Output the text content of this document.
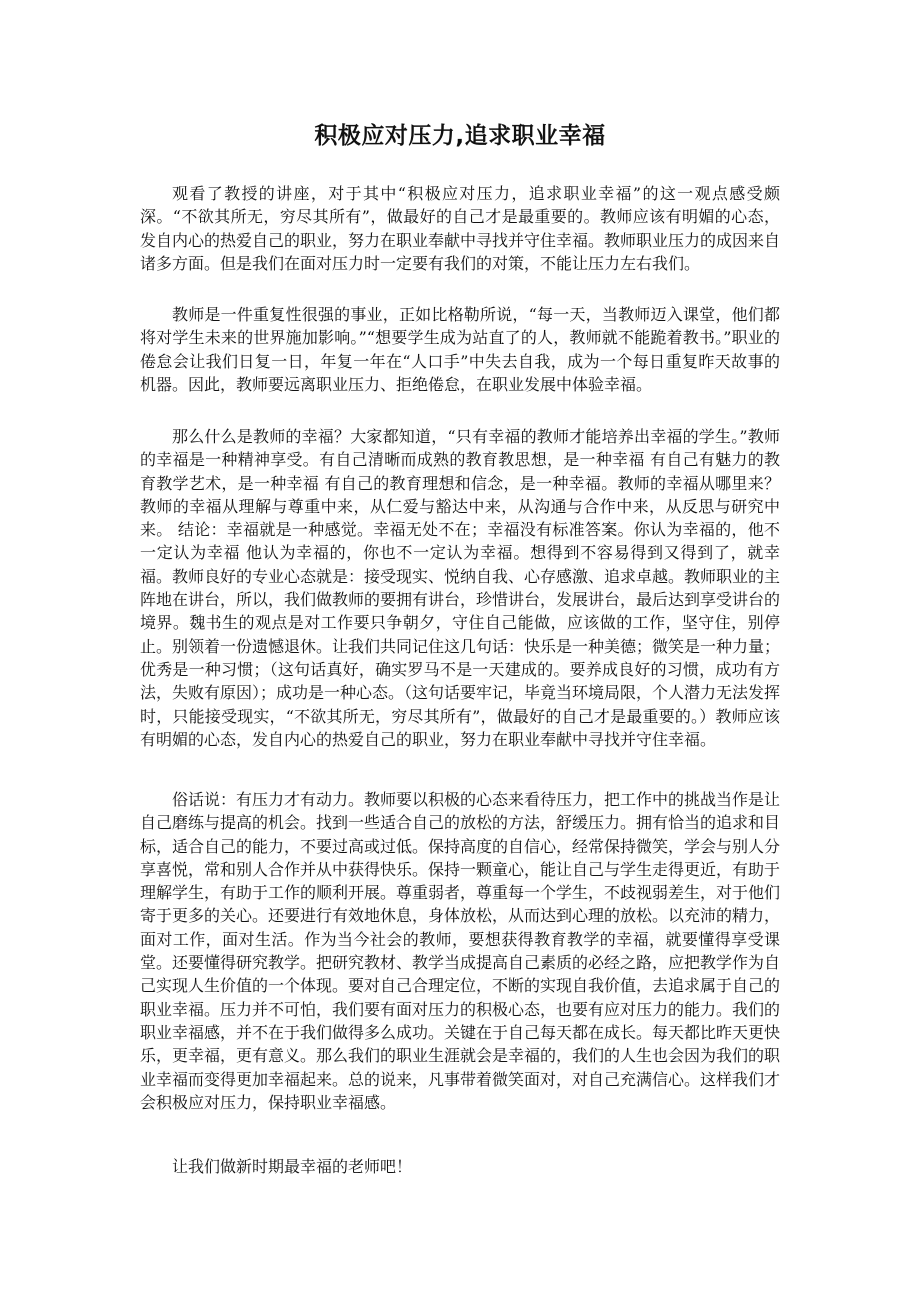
积极应对压力,追求职业幸福

观看了教授的讲座，对于其中“积极应对压力，追求职业幸福”的这一观点感受颇深。“不欲其所无，穷尽其所有”，做最好的自己才是最重要的。教师应该有明媚的心态，发自内心的热爱自己的职业，努力在职业奉献中寻找并守住幸福。教师职业压力的成因来自诸多方面。但是我们在面对压力时一定要有我们的对策，不能让压力左右我们。

教师是一件重复性很强的事业，正如比格勒所说，“每一天，当教师迈入课堂，他们都将对学生未来的世界施加影响。”“想要学生成为站直了的人，教师就不能跪着教书。”职业的倦怠会让我们日复一日，年复一年在“人口手”中失去自我，成为一个每日重复昨天故事的机器。因此，教师要远离职业压力、拒绝倦怠，在职业发展中体验幸福。

那么什么是教师的幸福？大家都知道，“只有幸福的教师才能培养出幸福的学生。”教师的幸福是一种精神享受。有自己清晰而成熟的教育教思想，是一种幸福 有自己有魅力的教育教学艺术，是一种幸福 有自己的教育理想和信念，是一种幸福。教师的幸福从哪里来？教师的幸福从理解与尊重中来，从仁爱与豁达中来，从沟通与合作中来，从反思与研究中来。 结论：幸福就是一种感觉。幸福无处不在；幸福没有标准答案。你认为幸福的，他不一定认为幸福 他认为幸福的，你也不一定认为幸福。想得到不容易得到又得到了，就幸福。教师良好的专业心态就是：接受现实、悦纳自我、心存感激、追求卓越。教师职业的主阵地在讲台，所以，我们做教师的要拥有讲台，珍惜讲台，发展讲台，最后达到享受讲台的境界。魏书生的观点是对工作要只争朝夕，守住自己能做，应该做的工作，坚守住，别停止。别领着一份遗憾退休。让我们共同记住这几句话：快乐是一种美德；微笑是一种力量；优秀是一种习惯；（这句话真好，确实罗马不是一天建成的。要养成良好的习惯，成功有方法，失败有原因）；成功是一种心态。（这句话要牢记，毕竟当环境局限，个人潜力无法发挥时，只能接受现实，“不欲其所无，穷尽其所有”，做最好的自己才是最重要的。）教师应该有明媚的心态，发自内心的热爱自己的职业，努力在职业奉献中寻找并守住幸福。

俗话说：有压力才有动力。教师要以积极的心态来看待压力，把工作中的挑战当作是让自己磨练与提高的机会。找到一些适合自己的放松的方法，舒缓压力。拥有恰当的追求和目标，适合自己的能力，不要过高或过低。保持高度的自信心，经常保持微笑，学会与别人分享喜悦，常和别人合作并从中获得快乐。保持一颗童心，能让自己与学生走得更近，有助于理解学生，有助于工作的顺利开展。尊重弱者，尊重每一个学生，不歧视弱差生，对于他们寄于更多的关心。还要进行有效地休息，身体放松，从而达到心理的放松。以充沛的精力，面对工作，面对生活。作为当今社会的教师，要想获得教育教学的幸福，就要懂得享受课堂。还要懂得研究教学。把研究教材、教学当成提高自己素质的必经之路，应把教学作为自己实现人生价值的一个体现。要对自己合理定位，不断的实现自我价值，去追求属于自己的职业幸福。压力并不可怕，我们要有面对压力的积极心态，也要有应对压力的能力。我们的职业幸福感，并不在于我们做得多么成功。关键在于自己每天都在成长。每天都比昨天更快乐，更幸福，更有意义。那么我们的职业生涯就会是幸福的，我们的人生也会因为我们的职业幸福而变得更加幸福起来。总的说来，凡事带着微笑面对，对自己充满信心。这样我们才会积极应对压力，保持职业幸福感。

让我们做新时期最幸福的老师吧！
